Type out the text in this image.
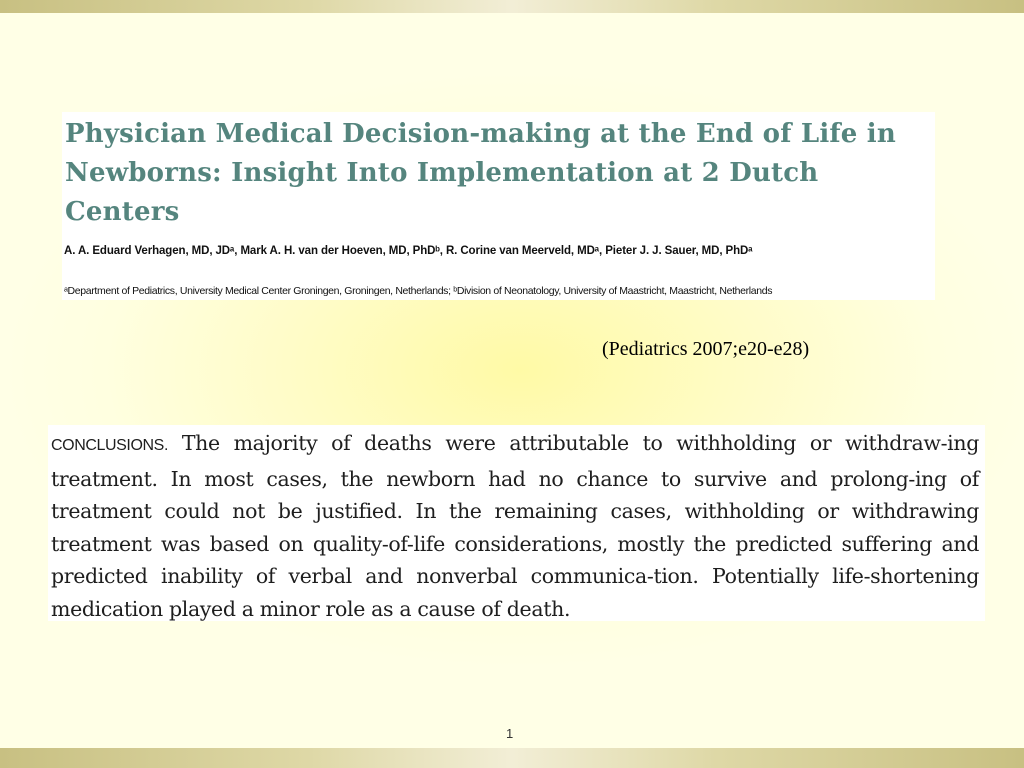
Physician Medical Decision-making at the End of Life in Newborns: Insight Into Implementation at 2 Dutch Centers
A. A. Eduard Verhagen, MD, JDᵃ, Mark A. H. van der Hoeven, MD, PhDᵇ, R. Corine van Meerveld, MDᵃ, Pieter J. J. Sauer, MD, PhDᵃ
ᵃDepartment of Pediatrics, University Medical Center Groningen, Groningen, Netherlands; ᵇDivision of Neonatology, University of Maastricht, Maastricht, Netherlands
(Pediatrics 2007;e20-e28)

CONCLUSIONS. The majority of deaths were attributable to withholding or withdraw-ing treatment. In most cases, the newborn had no chance to survive and prolong-ing of treatment could not be justified. In the remaining cases, withholding or withdrawing treatment was based on quality-of-life considerations, mostly the predicted suffering and predicted inability of verbal and nonverbal communica-tion. Potentially life-shortening medication played a minor role as a cause of death.

1
